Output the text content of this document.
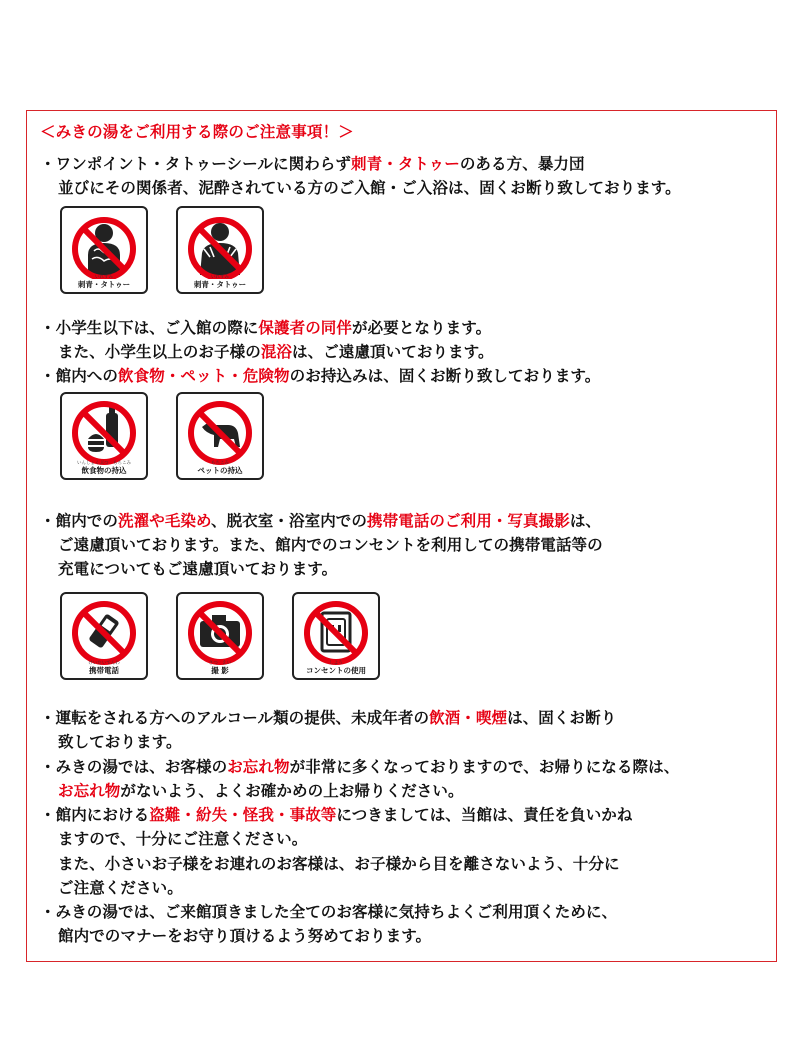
＜みきの湯をご利用する際のご注意事項！＞
・ワンポイント・タトゥーシールに関わらず刺青・タトゥーのある方、暴力団
並びにその関係者、泥酔されている方のご入館・ご入浴は、固くお断り致しております。
いれずみ
刺青・タトゥー
いれずみ
刺青・タトゥー
・小学生以下は、ご入館の際に保護者の同伴が必要となります。
また、小学生以上のお子様の混浴は、ご遠慮頂いております。
・館内への飲食物・ペット・危険物のお持込みは、固くお断り致しております。
いんしょくぶつ　もちこみ
飲食物の持込
もちこみ
ペットの持込
・館内での洗濯や毛染め、脱衣室・浴室内での携帯電話のご利用・写真撮影は、
ご遠慮頂いております。また、館内でのコンセントを利用しての携帯電話等の
充電についてもご遠慮頂いております。
けいたいでんわ
携帯電話
さつ　えい
撮 影
しよう
コンセントの使用
・運転をされる方へのアルコール類の提供、未成年者の飲酒・喫煙は、固くお断り
致しております。
・みきの湯では、お客様のお忘れ物が非常に多くなっておりますので、お帰りになる際は、
お忘れ物がないよう、よくお確かめの上お帰りください。
・館内における盗難・紛失・怪我・事故等につきましては、当館は、責任を負いかね
ますので、十分にご注意ください。
また、小さいお子様をお連れのお客様は、お子様から目を離さないよう、十分に
ご注意ください。
・みきの湯では、ご来館頂きました全てのお客様に気持ちよくご利用頂くために、
館内でのマナーをお守り頂けるよう努めております。
